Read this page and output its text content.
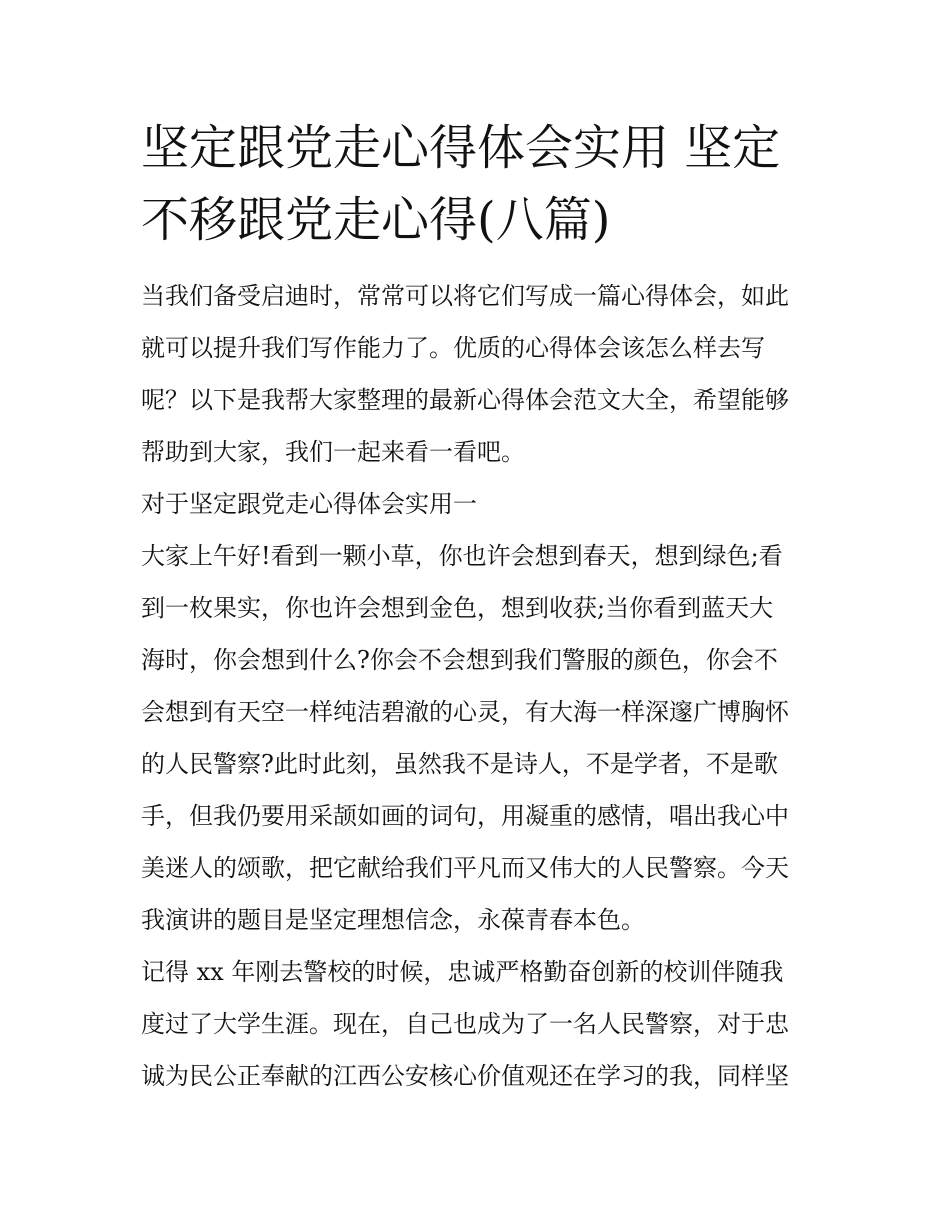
坚定跟党走心得体会实用 坚定
不移跟党走心得(八篇)

当我们备受启迪时，常常可以将它们写成一篇心得体会，如此
就可以提升我们写作能力了。优质的心得体会该怎么样去写
呢？以下是我帮大家整理的最新心得体会范文大全，希望能够
帮助到大家，我们一起来看一看吧。

对于坚定跟党走心得体会实用一

大家上午好!看到一颗小草，你也许会想到春天，想到绿色;看
到一枚果实，你也许会想到金色，想到收获;当你看到蓝天大
海时，你会想到什么?你会不会想到我们警服的颜色，你会不
会想到有天空一样纯洁碧澈的心灵，有大海一样深邃广博胸怀
的人民警察?此时此刻，虽然我不是诗人，不是学者，不是歌
手，但我仍要用采颉如画的词句，用凝重的感情，唱出我心中
美迷人的颂歌，把它献给我们平凡而又伟大的人民警察。今天
我演讲的题目是坚定理想信念，永葆青春本色。

记得 xx 年刚去警校的时候，忠诚严格勤奋创新的校训伴随我
度过了大学生涯。现在，自己也成为了一名人民警察，对于忠
诚为民公正奉献的江西公安核心价值观还在学习的我，同样坚
